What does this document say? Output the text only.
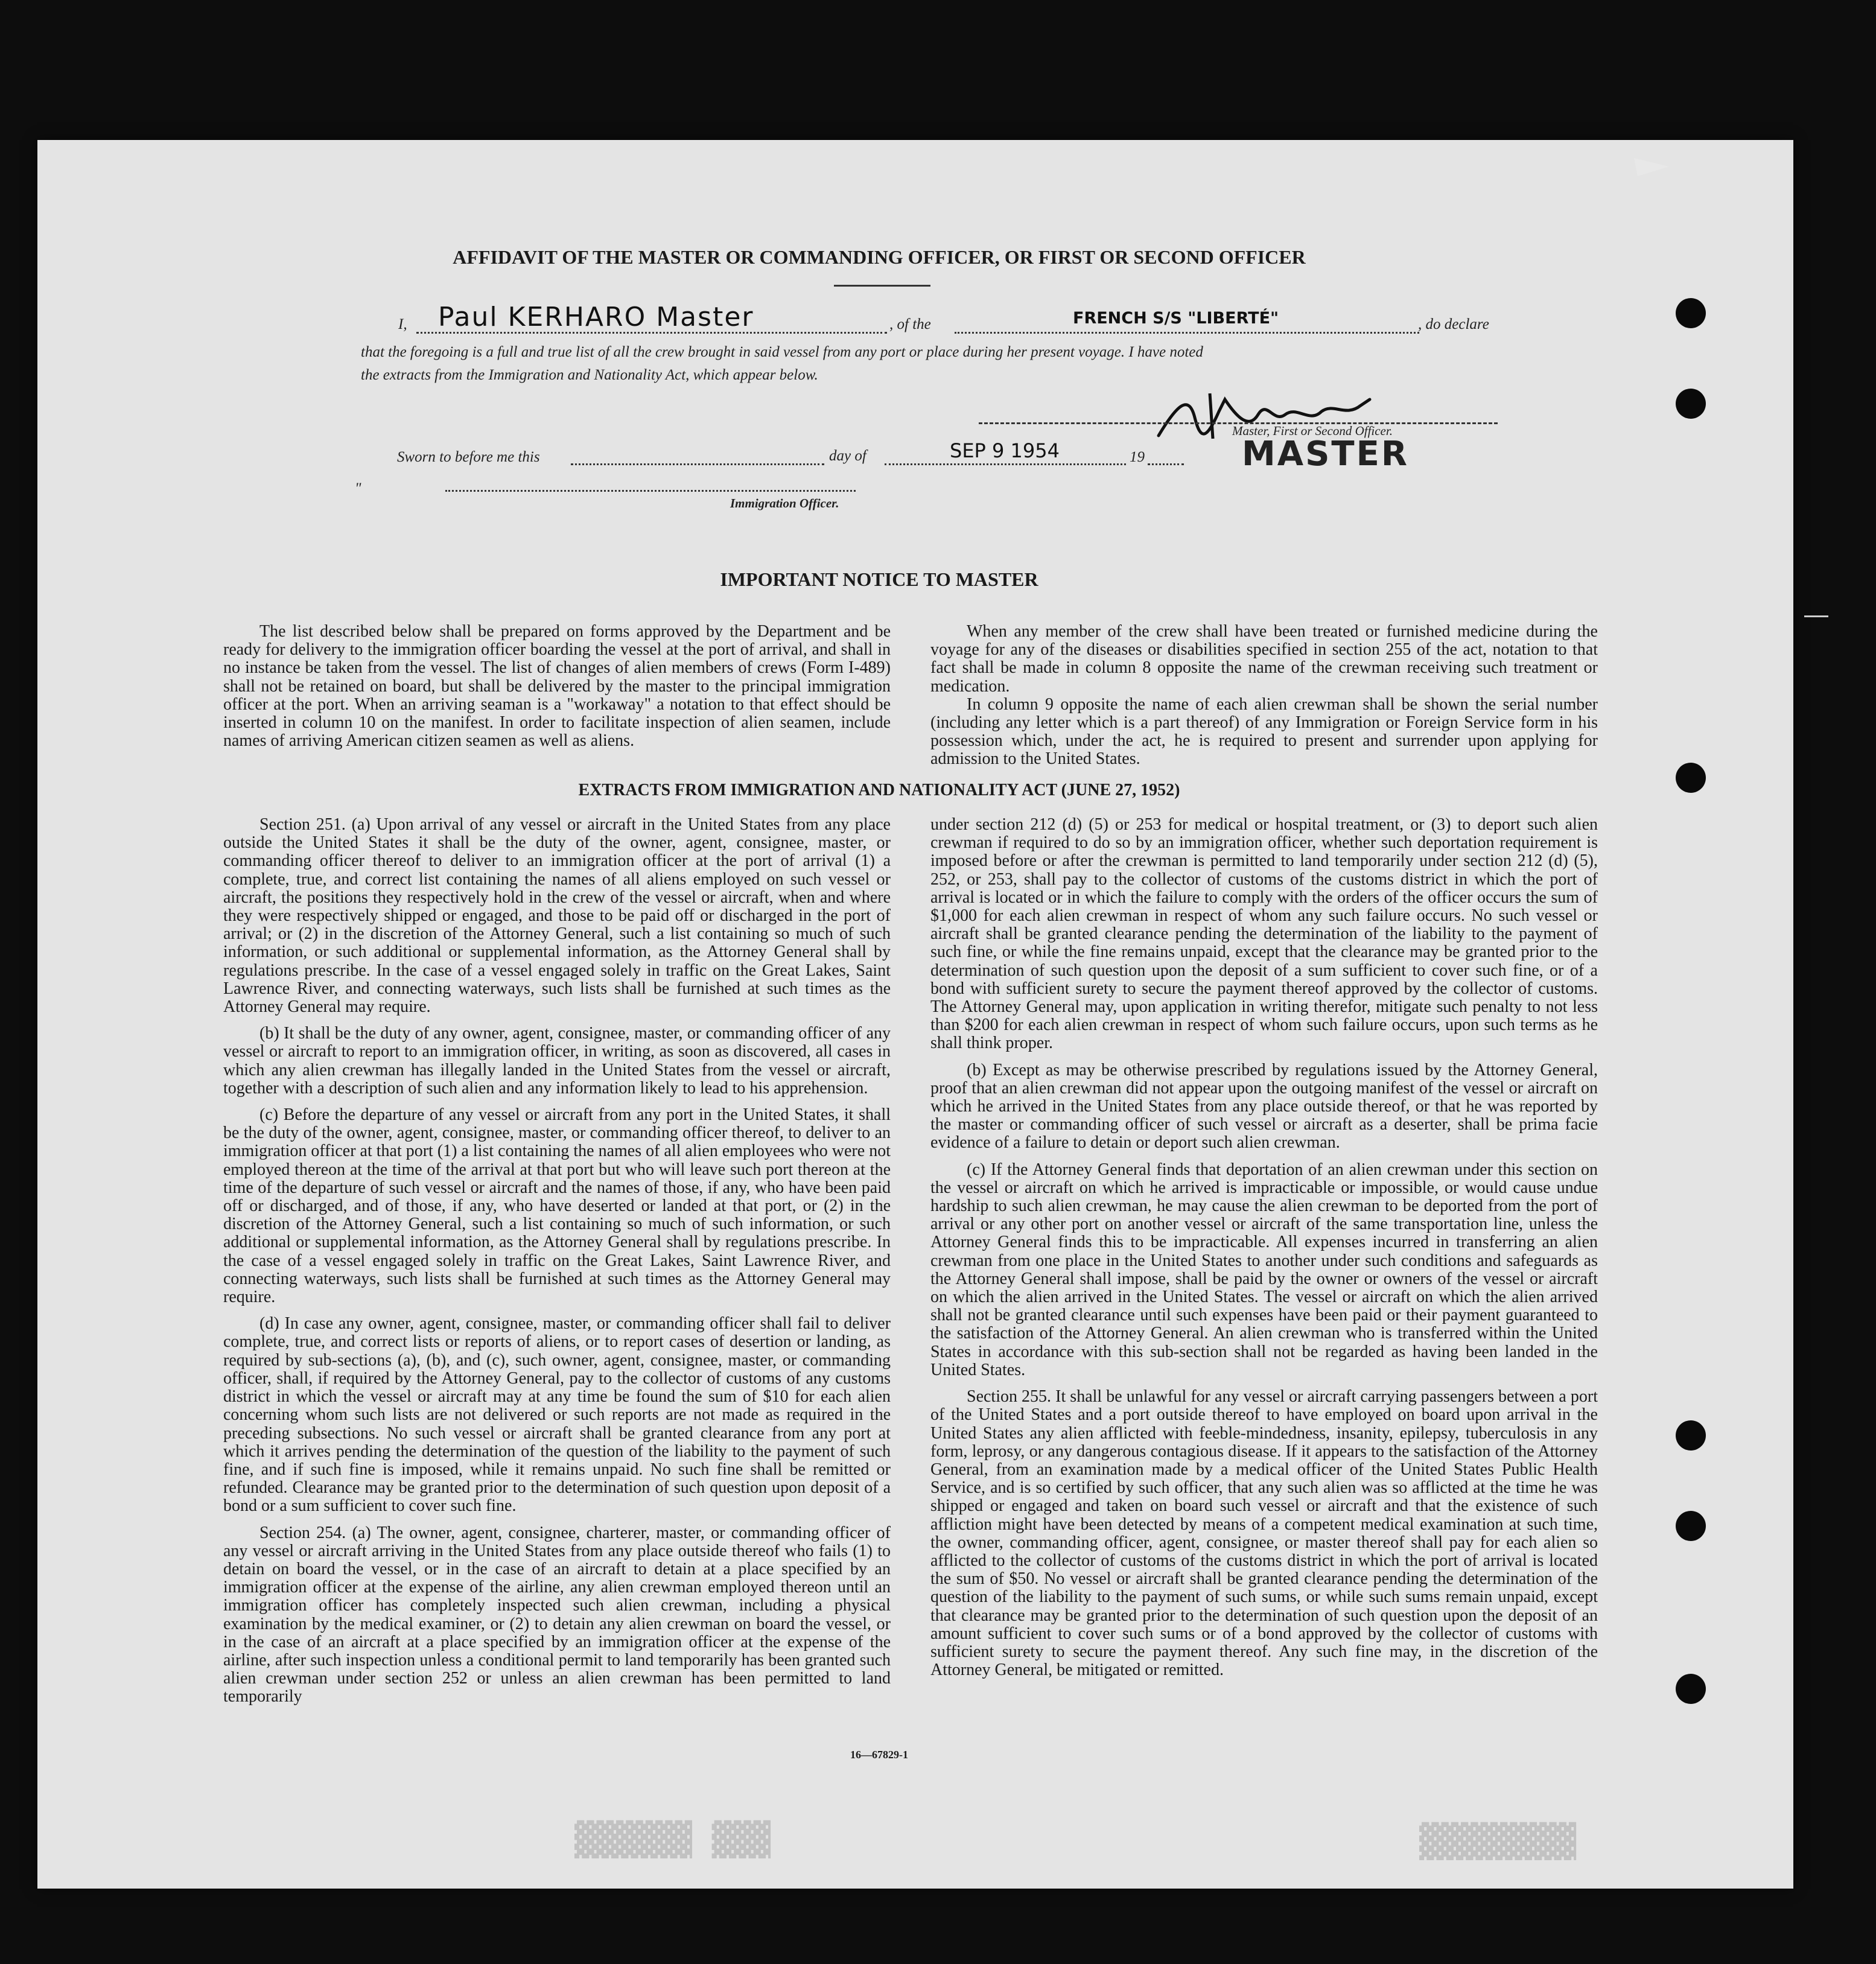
▓▓▓▓▓▓ ▓▓▓	▓▓▓▓▓▓▓▓
AFFIDAVIT OF THE MASTER OR COMMANDING OFFICER, OR FIRST OR SECOND OFFICER
I, Paul KERHARO Master	, of the	FRENCH S/S "LIBERTÉ"	, do declare
that the foregoing is a full and true list of all the crew brought in said vessel from any port or place during her present voyage. I have noted
the extracts from the Immigration and Nationality Act, which appear below.
Master, First or Second Officer.
MASTER
Sworn to before me this	day of	SEP 9 1954	19
"
Immigration Officer.
IMPORTANT NOTICE TO MASTER

The list described below shall be prepared on forms approved by the Department and be ready for delivery to the immigration officer boarding the vessel at the port of arrival, and shall in no instance be taken from the vessel. The list of changes of alien members of crews (Form I-489) shall not be retained on board, but shall be delivered by the master to the principal immigration officer at the port. When an arriving seaman is a "workaway" a notation to that effect should be inserted in column 10 on the manifest. In order to facilitate inspection of alien seamen, include names of arriving American citizen seamen as well as aliens.

When any member of the crew shall have been treated or furnished medicine during the voyage for any of the diseases or disabilities specified in section 255 of the act, notation to that fact shall be made in column 8 opposite the name of the crewman receiving such treatment or medication.

In column 9 opposite the name of each alien crewman shall be shown the serial number (including any letter which is a part thereof) of any Immigration or Foreign Service form in his possession which, under the act, he is required to present and surrender upon applying for admission to the United States.

EXTRACTS FROM IMMIGRATION AND NATIONALITY ACT (JUNE 27, 1952)

Section 251. (a) Upon arrival of any vessel or aircraft in the United States from any place outside the United States it shall be the duty of the owner, agent, consignee, master, or commanding officer thereof to deliver to an immigration officer at the port of arrival (1) a complete, true, and correct list containing the names of all aliens employed on such vessel or aircraft, the positions they respectively hold in the crew of the vessel or aircraft, when and where they were respectively shipped or engaged, and those to be paid off or discharged in the port of arrival; or (2) in the discretion of the Attorney General, such a list containing so much of such information, or such additional or supplemental information, as the Attorney General shall by regulations prescribe. In the case of a vessel engaged solely in traffic on the Great Lakes, Saint Lawrence River, and connecting waterways, such lists shall be furnished at such times as the Attorney General may require.

(b) It shall be the duty of any owner, agent, consignee, master, or commanding officer of any vessel or aircraft to report to an immigration officer, in writing, as soon as discovered, all cases in which any alien crewman has illegally landed in the United States from the vessel or aircraft, together with a description of such alien and any information likely to lead to his apprehension.

(c) Before the departure of any vessel or aircraft from any port in the United States, it shall be the duty of the owner, agent, consignee, master, or commanding officer thereof, to deliver to an immigration officer at that port (1) a list containing the names of all alien employees who were not employed thereon at the time of the arrival at that port but who will leave such port thereon at the time of the departure of such vessel or aircraft and the names of those, if any, who have been paid off or discharged, and of those, if any, who have deserted or landed at that port, or (2) in the discretion of the Attorney General, such a list containing so much of such information, or such additional or supplemental information, as the Attorney General shall by regulations prescribe. In the case of a vessel engaged solely in traffic on the Great Lakes, Saint Lawrence River, and connecting waterways, such lists shall be furnished at such times as the Attorney General may require.

(d) In case any owner, agent, consignee, master, or commanding officer shall fail to deliver complete, true, and correct lists or reports of aliens, or to report cases of desertion or landing, as required by sub-sections (a), (b), and (c), such owner, agent, consignee, master, or commanding officer, shall, if required by the Attorney General, pay to the collector of customs of any customs district in which the vessel or aircraft may at any time be found the sum of $10 for each alien concerning whom such lists are not delivered or such reports are not made as required in the preceding subsections. No such vessel or aircraft shall be granted clearance from any port at which it arrives pending the determination of the question of the liability to the payment of such fine, and if such fine is imposed, while it remains unpaid. No such fine shall be remitted or refunded. Clearance may be granted prior to the determination of such question upon deposit of a bond or a sum sufficient to cover such fine.

Section 254. (a) The owner, agent, consignee, charterer, master, or commanding officer of any vessel or aircraft arriving in the United States from any place outside thereof who fails (1) to detain on board the vessel, or in the case of an aircraft to detain at a place specified by an immigration officer at the expense of the airline, any alien crewman employed thereon until an immigration officer has completely inspected such alien crewman, including a physical examination by the medical examiner, or (2) to detain any alien crewman on board the vessel, or in the case of an aircraft at a place specified by an immigration officer at the expense of the airline, after such inspection unless a conditional permit to land temporarily has been granted such alien crewman under section 252 or unless an alien crewman has been permitted to land temporarily

under section 212 (d) (5) or 253 for medical or hospital treatment, or (3) to deport such alien crewman if required to do so by an immigration officer, whether such deportation requirement is imposed before or after the crewman is permitted to land temporarily under section 212 (d) (5), 252, or 253, shall pay to the collector of customs of the customs district in which the port of arrival is located or in which the failure to comply with the orders of the officer occurs the sum of $1,000 for each alien crewman in respect of whom any such failure occurs. No such vessel or aircraft shall be granted clearance pending the determination of the liability to the payment of such fine, or while the fine remains unpaid, except that the clearance may be granted prior to the determination of such question upon the deposit of a sum sufficient to cover such fine, or of a bond with sufficient surety to secure the payment thereof approved by the collector of customs. The Attorney General may, upon application in writing therefor, mitigate such penalty to not less than $200 for each alien crewman in respect of whom such failure occurs, upon such terms as he shall think proper.

(b) Except as may be otherwise prescribed by regulations issued by the Attorney General, proof that an alien crewman did not appear upon the outgoing manifest of the vessel or aircraft on which he arrived in the United States from any place outside thereof, or that he was reported by the master or commanding officer of such vessel or aircraft as a deserter, shall be prima facie evidence of a failure to detain or deport such alien crewman.

(c) If the Attorney General finds that deportation of an alien crewman under this section on the vessel or aircraft on which he arrived is impracticable or impossible, or would cause undue hardship to such alien crewman, he may cause the alien crewman to be deported from the port of arrival or any other port on another vessel or aircraft of the same transportation line, unless the Attorney General finds this to be impracticable. All expenses incurred in transferring an alien crewman from one place in the United States to another under such conditions and safeguards as the Attorney General shall impose, shall be paid by the owner or owners of the vessel or aircraft on which the alien arrived in the United States. The vessel or aircraft on which the alien arrived shall not be granted clearance until such expenses have been paid or their payment guaranteed to the satisfaction of the Attorney General. An alien crewman who is transferred within the United States in accordance with this sub-section shall not be regarded as having been landed in the United States.

Section 255. It shall be unlawful for any vessel or aircraft carrying passengers between a port of the United States and a port outside thereof to have employed on board upon arrival in the United States any alien afflicted with feeble-mindedness, insanity, epilepsy, tuberculosis in any form, leprosy, or any dangerous contagious disease. If it appears to the satisfaction of the Attorney General, from an examination made by a medical officer of the United States Public Health Service, and is so certified by such officer, that any such alien was so afflicted at the time he was shipped or engaged and taken on board such vessel or aircraft and that the existence of such affliction might have been detected by means of a competent medical examination at such time, the owner, commanding officer, agent, consignee, or master thereof shall pay for each alien so afflicted to the collector of customs of the customs district in which the port of arrival is located the sum of $50. No vessel or aircraft shall be granted clearance pending the determination of the question of the liability to the payment of such sums, or while such sums remain unpaid, except that clearance may be granted prior to the determination of such question upon the deposit of an amount sufficient to cover such sums or of a bond approved by the collector of customs with sufficient surety to secure the payment thereof. Any such fine may, in the discretion of the Attorney General, be mitigated or remitted.

16—67829-1
